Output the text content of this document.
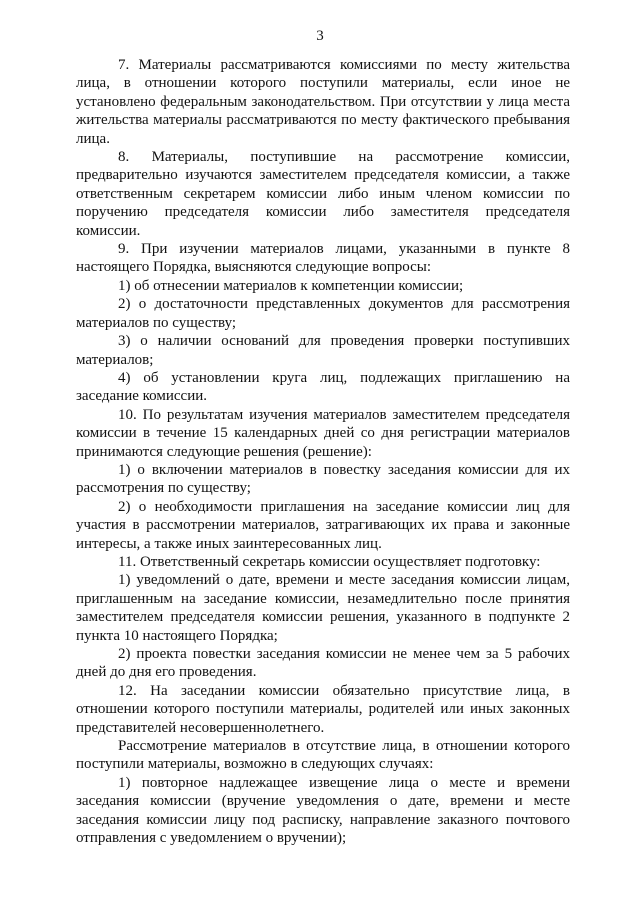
3

7. Материалы рассматриваются комиссиями по месту жительства лица, в отношении которого поступили материалы, если иное не установлено федеральным законодательством. При отсутствии у лица места жительства материалы рассматриваются по месту фактического пребывания лица.

8. Материалы, поступившие на рассмотрение комиссии, предварительно изучаются заместителем председателя комиссии, а также ответственным секретарем комиссии либо иным членом комиссии по поручению председателя комиссии либо заместителя председателя комиссии.

9. При изучении материалов лицами, указанными в пункте 8 настоящего Порядка, выясняются следующие вопросы:

1) об отнесении материалов к компетенции комиссии;

2) о достаточности представленных документов для рассмотрения материалов по существу;

3) о наличии оснований для проведения проверки поступивших материалов;

4) об установлении круга лиц, подлежащих приглашению на заседание комиссии.

10. По результатам изучения материалов заместителем председателя комиссии в течение 15 календарных дней со дня регистрации материалов принимаются следующие решения (решение):

1) о включении материалов в повестку заседания комиссии для их рассмотрения по существу;

2) о необходимости приглашения на заседание комиссии лиц для участия в рассмотрении материалов, затрагивающих их права и законные интересы, а также иных заинтересованных лиц.

11. Ответственный секретарь комиссии осуществляет подготовку:

1) уведомлений о дате, времени и месте заседания комиссии лицам, приглашенным на заседание комиссии, незамедлительно после принятия заместителем председателя комиссии решения, указанного в подпункте 2 пункта 10 настоящего Порядка;

2) проекта повестки заседания комиссии не менее чем за 5 рабочих дней до дня его проведения.

12. На заседании комиссии обязательно присутствие лица, в отношении которого поступили материалы, родителей или иных законных представителей несовершеннолетнего.

Рассмотрение материалов в отсутствие лица, в отношении которого поступили материалы, возможно в следующих случаях:

1) повторное надлежащее извещение лица о месте и времени заседания комиссии (вручение уведомления о дате, времени и месте заседания комиссии лицу под расписку, направление заказного почтового отправления с уведомлением о вручении);
